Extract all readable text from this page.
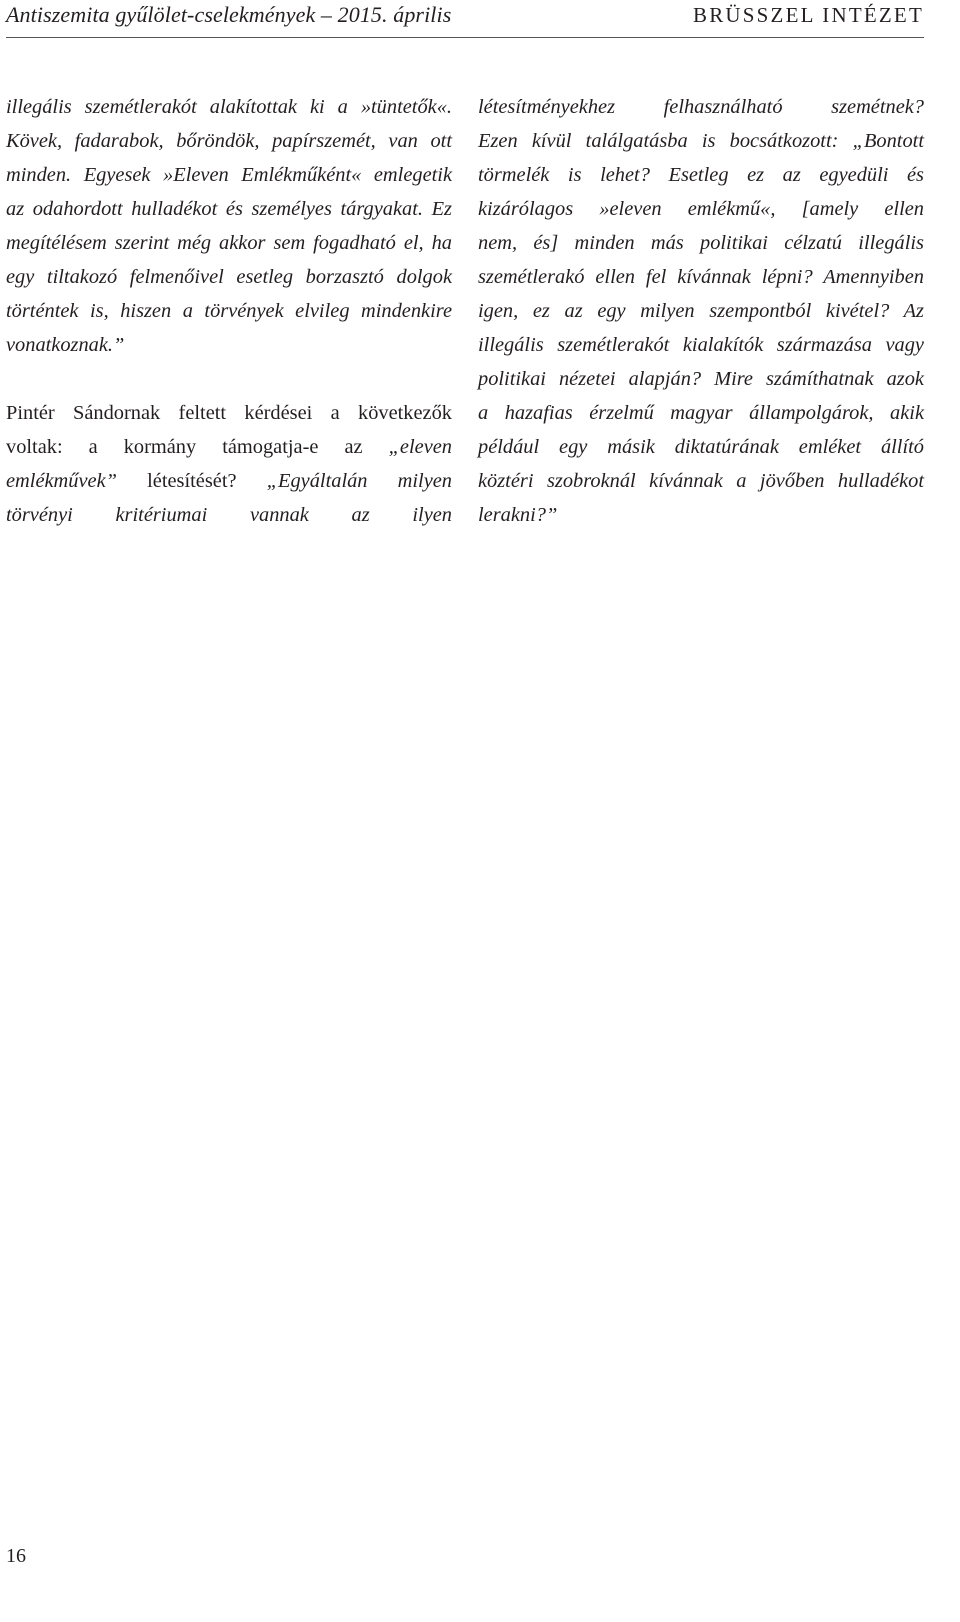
Antiszemita gyűlölet-cselekmények – 2015. április	BRÜSSZEL INTÉZET
illegális szemétlerakót alakítottak ki a »tüntetők«.
Kövek, fadarabok, bőröndök, papírszemét, van ott
minden. Egyesek »Eleven Emlékműként« emlegetik
az odahordott hulladékot és személyes tárgyakat. Ez
megítélésem szerint még akkor sem fogadható el, ha
egy tiltakozó felmenőivel esetleg borzasztó dolgok
történtek is, hiszen a törvények elvileg mindenkire
vonatkoznak.”
Pintér Sándornak feltett kérdései a következők
voltak: a kormány támogatja-e az „eleven
emlékművek” létesítését? „Egyáltalán milyen
törvényi kritériumai vannak az ilyen
létesítményekhez felhasználható szemétnek?
Ezen kívül találgatásba is bocsátkozott: „Bontott
törmelék is lehet? Esetleg ez az egyedüli és
kizárólagos »eleven emlékmű«, [amely ellen
nem, és] minden más politikai célzatú illegális
szemétlerakó ellen fel kívánnak lépni? Amennyiben
igen, ez az egy milyen szempontból kivétel? Az
illegális szemétlerakót kialakítók származása vagy
politikai nézetei alapján? Mire számíthatnak azok
a hazafias érzelmű magyar állampolgárok, akik
például egy másik diktatúrának emléket állító
köztéri szobroknál kívánnak a jövőben hulladékot
lerakni?”
16
